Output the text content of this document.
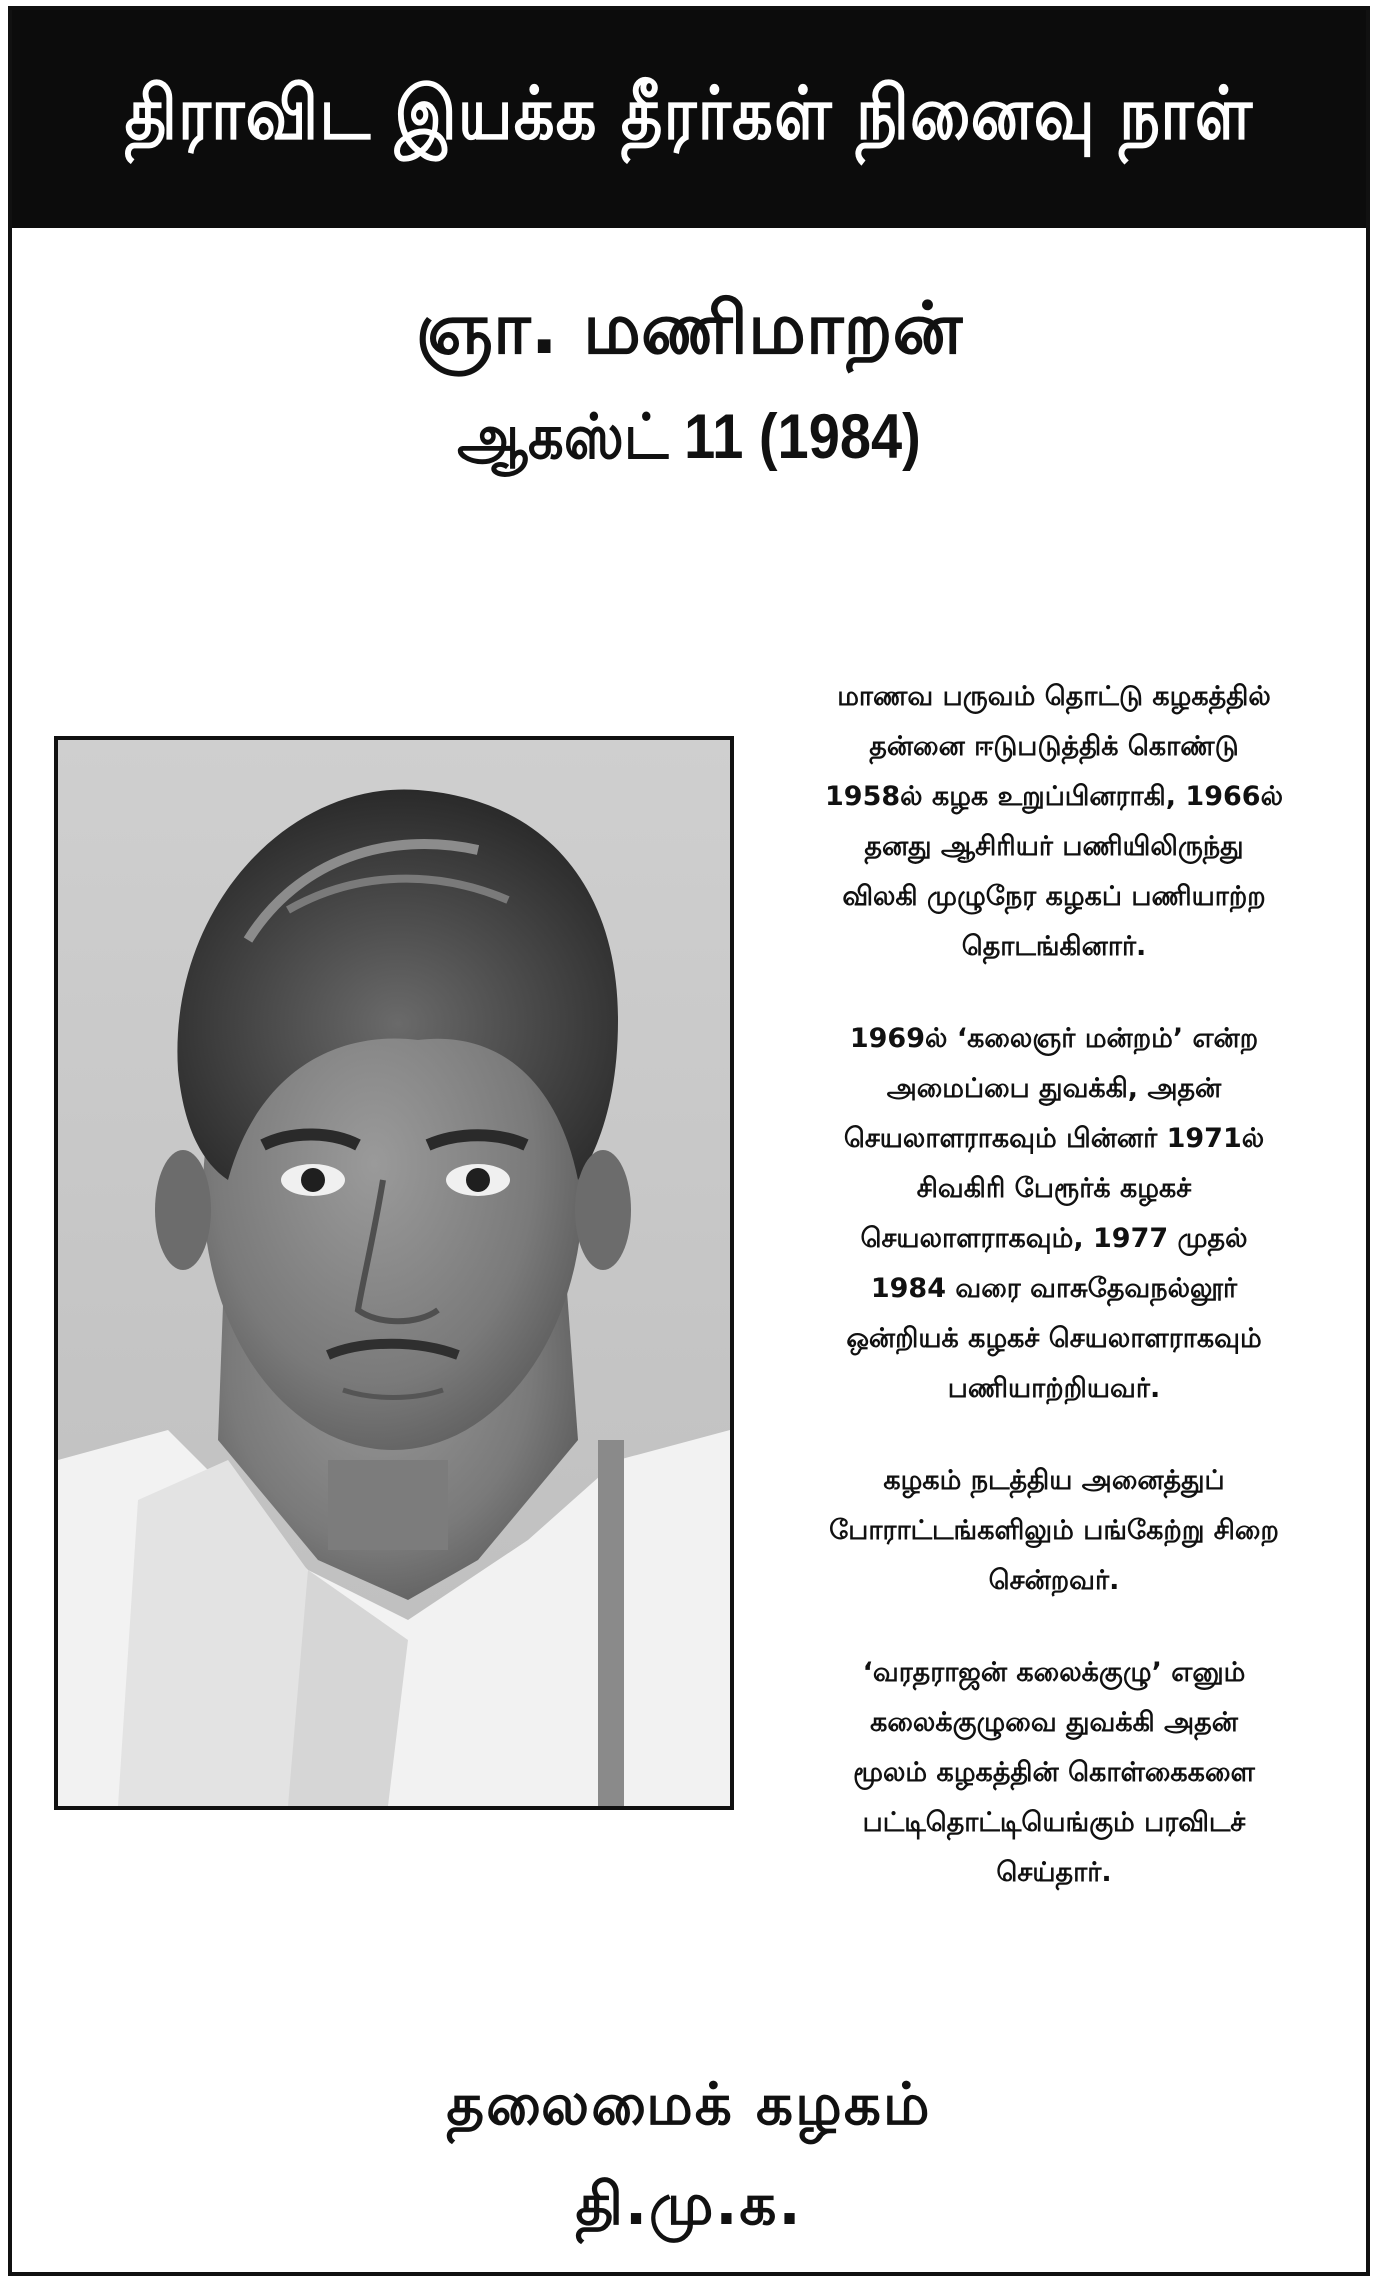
திராவிட இயக்க தீரர்கள் நினைவு நாள்
ஞா. மணிமாறன்
ஆகஸ்ட் 11 (1984)

மாணவ பருவம் தொட்டு கழகத்தில்
தன்னை ஈடுபடுத்திக் கொண்டு
1958ல் கழக உறுப்பினராகி, 1966ல்
தனது ஆசிரியர் பணியிலிருந்து
விலகி முழுநேர கழகப் பணியாற்ற
தொடங்கினார்.

1969ல் ‘கலைஞர் மன்றம்’ என்ற
அமைப்பை துவக்கி, அதன்
செயலாளராகவும் பின்னர் 1971ல்
சிவகிரி பேரூர்க் கழகச்
செயலாளராகவும், 1977 முதல்
1984 வரை வாசுதேவநல்லூர்
ஒன்றியக் கழகச் செயலாளராகவும்
பணியாற்றியவர்.

கழகம் நடத்திய அனைத்துப்
போராட்டங்களிலும் பங்கேற்று சிறை
சென்றவர்.

‘வரதராஜன் கலைக்குழு’ எனும்
கலைக்குழுவை துவக்கி அதன்
மூலம் கழகத்தின் கொள்கைகளை
பட்டிதொட்டியெங்கும் பரவிடச்
செய்தார்.

தலைமைக் கழகம்
தி.மு.க.
